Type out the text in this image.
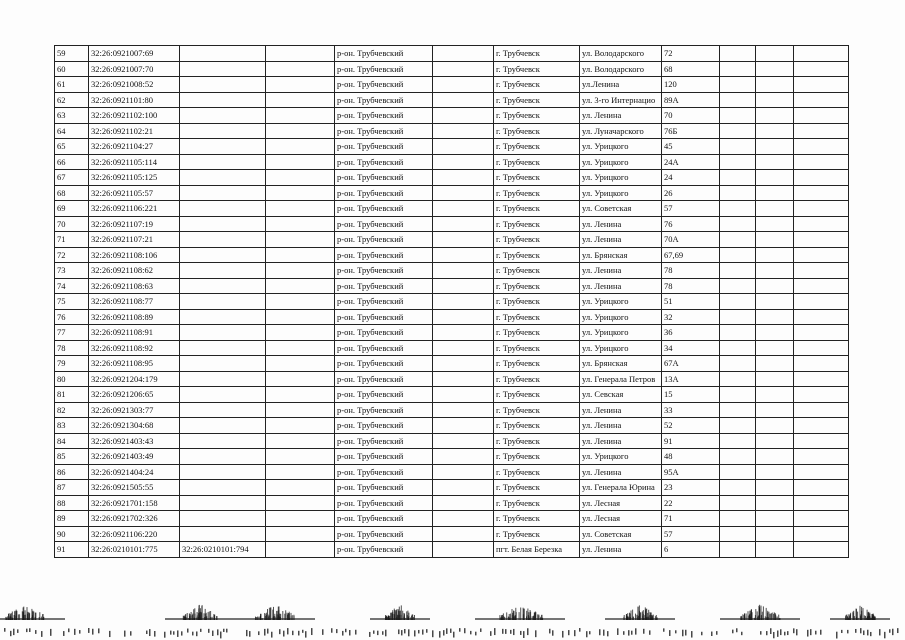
59	32:26:0921007:69			р-он. Трубчевский		г. Трубчевск	ул. Володарского	72			
60	32:26:0921007:70			р-он. Трубчевский		г. Трубчевск	ул. Володарского	68			
61	32:26:0921008:52			р-он. Трубчевский		г. Трубчевск	ул.Ленина	120			
62	32:26:0921101:80			р-он. Трубчевский		г. Трубчевск	ул. 3-го Интернацио	89А			
63	32:26:0921102:100			р-он. Трубчевский		г. Трубчевск	ул. Ленина	70			
64	32:26:0921102:21			р-он. Трубчевский		г. Трубчевск	ул. Луначарского	76Б			
65	32:26:0921104:27			р-он. Трубчевский		г. Трубчевск	ул. Урицкого	45			
66	32:26:0921105:114			р-он. Трубчевский		г. Трубчевск	ул. Урицкого	24А			
67	32:26:0921105:125			р-он. Трубчевский		г. Трубчевск	ул. Урицкого	24			
68	32:26:0921105:57			р-он. Трубчевский		г. Трубчевск	ул. Урицкого	26			
69	32:26:0921106:221			р-он. Трубчевский		г. Трубчевск	ул. Советская	57			
70	32:26:0921107:19			р-он. Трубчевский		г. Трубчевск	ул. Ленина	76			
71	32:26:0921107:21			р-он. Трубчевский		г. Трубчевск	ул. Ленина	70А			
72	32:26:0921108:106			р-он. Трубчевский		г. Трубчевск	ул. Брянская	67,69			
73	32:26:0921108:62			р-он. Трубчевский		г. Трубчевск	ул. Ленина	78			
74	32:26:0921108:63			р-он. Трубчевский		г. Трубчевск	ул. Ленина	78			
75	32:26:0921108:77			р-он. Трубчевский		г. Трубчевск	ул. Урицкого	51			
76	32:26:0921108:89			р-он. Трубчевский		г. Трубчевск	ул. Урицкого	32			
77	32:26:0921108:91			р-он. Трубчевский		г. Трубчевск	ул. Урицкого	36			
78	32:26:0921108:92			р-он. Трубчевский		г. Трубчевск	ул. Урицкого	34			
79	32:26:0921108:95			р-он. Трубчевский		г. Трубчевск	ул. Брянская	67А			
80	32:26:0921204:179			р-он. Трубчевский		г. Трубчевск	ул. Генерала Петров	13А			
81	32:26:0921206:65			р-он. Трубчевский		г. Трубчевск	ул. Севская	15			
82	32:26:0921303:77			р-он. Трубчевский		г. Трубчевск	ул. Ленина	33			
83	32:26:0921304:68			р-он. Трубчевский		г. Трубчевск	ул. Ленина	52			
84	32:26:0921403:43			р-он. Трубчевский		г. Трубчевск	ул. Ленина	91			
85	32:26:0921403:49			р-он. Трубчевский		г. Трубчевск	ул. Урицкого	48			
86	32:26:0921404:24			р-он. Трубчевский		г. Трубчевск	ул. Ленина	95А			
87	32:26:0921505:55			р-он. Трубчевский		г. Трубчевск	ул. Генерала Юрина	23			
88	32:26:0921701:158			р-он. Трубчевский		г. Трубчевск	ул. Лесная	22			
89	32:26:0921702:326			р-он. Трубчевский		г. Трубчевск	ул. Лесная	71			
90	32:26:0921106:220			р-он. Трубчевский		г. Трубчевск	ул. Советская	57			
91	32:26:0210101:775	32:26:0210101:794		р-он. Трубчевский		пгт. Белая Березка	ул. Ленина	6			
